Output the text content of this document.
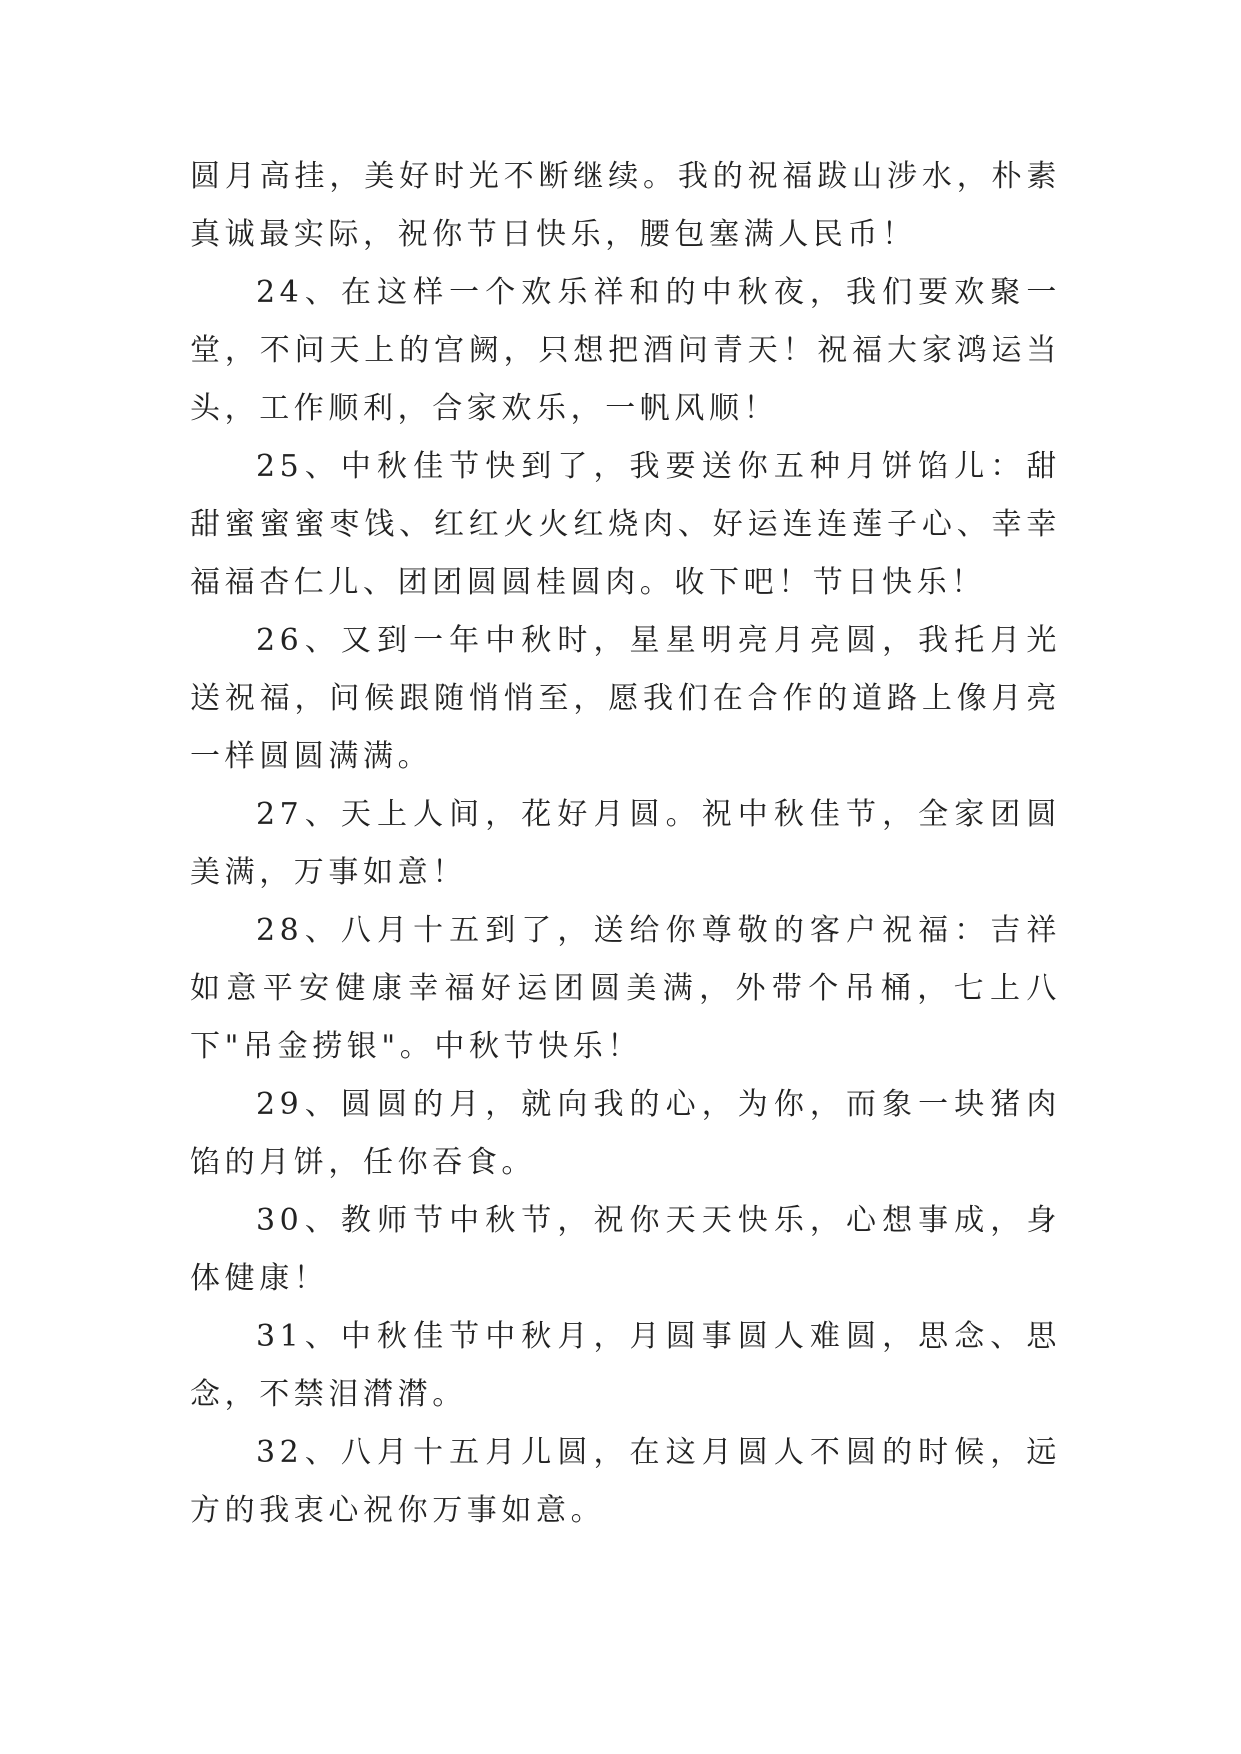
圆月高挂，美好时光不断继续。我的祝福跋山涉水，朴素真诚最实际，祝你节日快乐，腰包塞满人民币！

24、在这样一个欢乐祥和的中秋夜，我们要欢聚一堂，不问天上的宫阙，只想把酒问青天！祝福大家鸿运当头，工作顺利，合家欢乐，一帆风顺！

25、中秋佳节快到了，我要送你五种月饼馅儿：甜甜蜜蜜蜜枣饯、红红火火红烧肉、好运连连莲子心、幸幸福福杏仁儿、团团圆圆桂圆肉。收下吧！节日快乐！

26、又到一年中秋时，星星明亮月亮圆，我托月光送祝福，问候跟随悄悄至，愿我们在合作的道路上像月亮一样圆圆满满。

27、天上人间，花好月圆。祝中秋佳节，全家团圆美满，万事如意！

28、八月十五到了，送给你尊敬的客户祝福：吉祥如意平安健康幸福好运团圆美满，外带个吊桶，七上八下"吊金捞银"。中秋节快乐！

29、圆圆的月，就向我的心，为你，而象一块猪肉馅的月饼，任你吞食。

30、教师节中秋节，祝你天天快乐，心想事成，身体健康！

31、中秋佳节中秋月，月圆事圆人难圆，思念、思念，不禁泪潸潸。

32、八月十五月儿圆，在这月圆人不圆的时候，远方的我衷心祝你万事如意。
